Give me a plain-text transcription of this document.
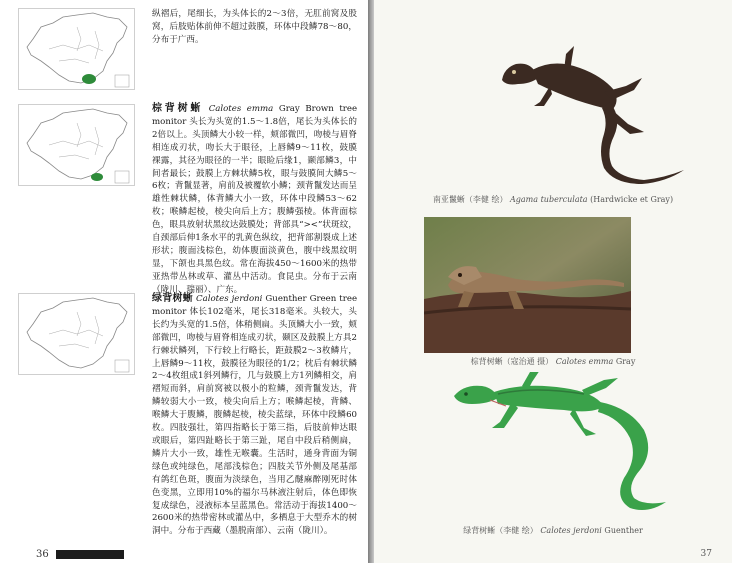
纵褶后，尾细长，为头体长的2～3倍，无肛前窝及股窝，后肢贴体前伸不超过鼓膜，环体中段鳞78～80，分布于广西。
棕背树蜥 Calotes emma Gray Brown tree monitor 头长为头宽的1.5～1.8倍，尾长为头体长的2倍以上。头顶鳞大小较一样，颊部微凹，吻棱与眉脊相连成刃状，吻长大于眼径，上唇鳞9～11枚，鼓膜裸露，其径为眼径的一半；眼睑后缘1，颞部鳞3，中间者最长；鼓膜上方棘状鳞5枚，眼与鼓膜间大鳞5～6枚；背鬣显著，肩前及被覆软小鳞；颈背鬣发达而呈雄性棘状鳞，体背鳞大小一致，环体中段鳞53～62枚；喉鳞起棱，棱尖向后上方；腹鳞强棱。体背面棕色，眼具放射状黑纹达鼓膜处；背部具“><”状斑纹，自颈部后伸1条水平的乳黄色纵纹，把背部割裂成上述形状；腹面浅棕色，幼体腹面淡黄色，腹中线黑纹明显，下颌也具黑色纹。常在海拔450～1600米的热带亚热带丛林或草、灌丛中活动。食昆虫。分布于云南（陇川、瑞丽）、广东。
绿背树蜥 Calotes jerdoni Guenther Green tree monitor 体长102毫米，尾长318毫米。头较大，头长约为头宽的1.5倍，体稍侧扁。头顶鳞大小一致，颊部微凹，吻棱与眉脊相连成刃状，颞区及鼓膜上方具2行棘状鳞列，下行较上行略长，距鼓膜2～3枚鳞片，上唇鳞9～11枚，鼓膜径为眼径的1/2；枕后有棘状鳞2～4枚组成1斜列鳞行，几与鼓膜上方1列鳞相交，肩褶短而斜，肩前窝被以极小的粒鳞，颈背鬣发达，背鳞较弱大小一致，棱尖向后上方；喉鳞起棱，背鳞、喉鳞大于腹鳞，腹鳞起棱，棱尖蓝绿，环体中段鳞60枚。四肢强壮，第四指略长于第三指，后肢前伸达眼或眼后，第四趾略长于第三趾，尾自中段后稍侧扁，鳞片大小一致，雄性无喉囊。生活时，通身背面为铜绿色或纯绿色，尾部浅棕色；四肢关节外侧及尾基部有鸽红色斑，腹面为淡绿色，当用乙醚麻醉刚死时体色变黑，立即用10%的福尔马林液注射后，体色即恢复成绿色，浸液标本呈蓝黑色。常活动于海拔1400～2600米的热带密林或灌丛中，多栖息于大型乔木的树洞中。分布于西藏（墨脱南部）、云南（陇川）。
36
南亚鬣蜥（李健 绘） Agama tuberculata (Hardwicke et Gray)
棕背树蜥（寇治通 摄） Calotes emma Gray
绿背树蜥（李健 绘） Calotes jerdoni Guenther
37
